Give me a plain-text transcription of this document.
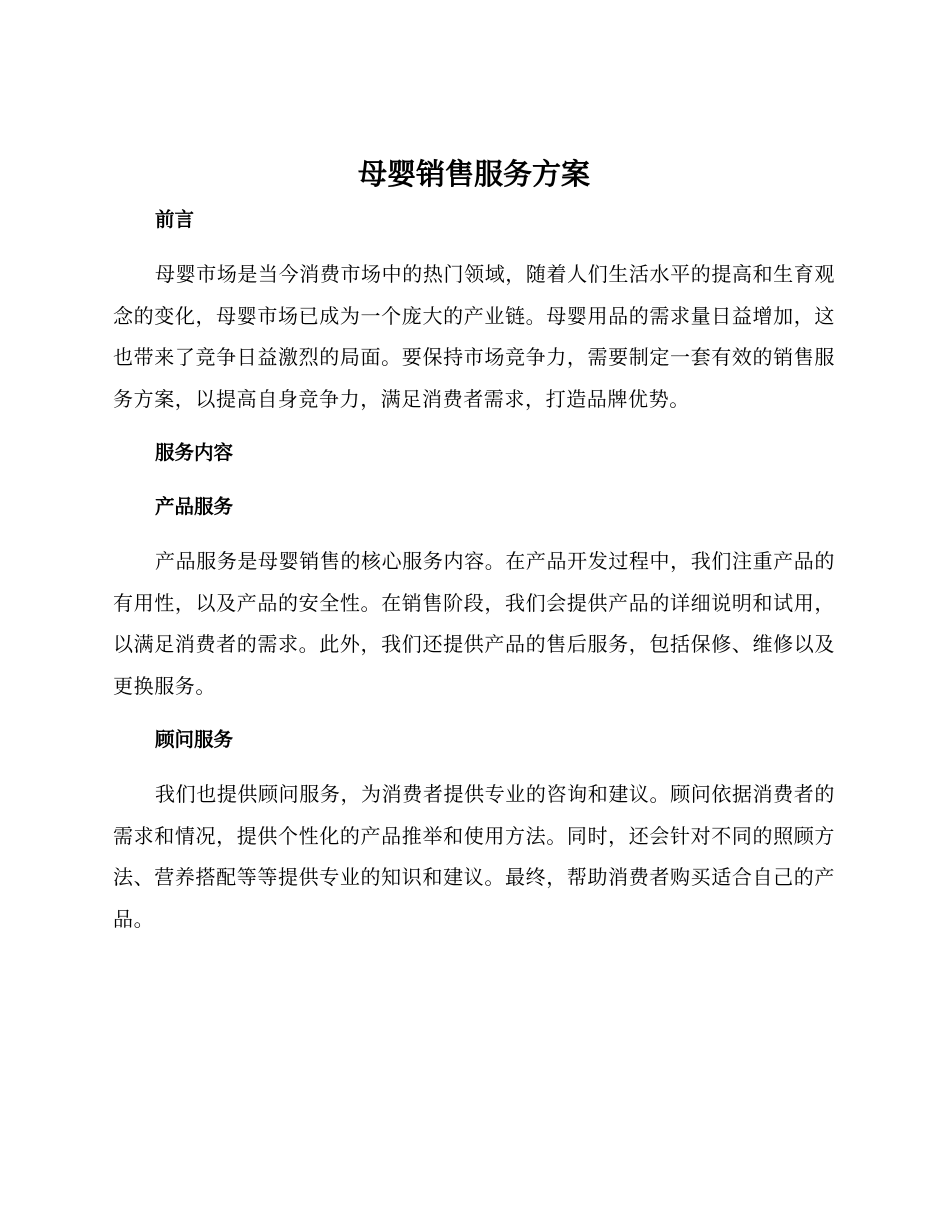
母婴销售服务方案
前言

母婴市场是当今消费市场中的热门领域，随着人们生活水平的提高和生育观念的变化，母婴市场已成为一个庞大的产业链。母婴用品的需求量日益增加，这也带来了竞争日益激烈的局面。要保持市场竞争力，需要制定一套有效的销售服务方案，以提高自身竞争力，满足消费者需求，打造品牌优势。

服务内容
产品服务

产品服务是母婴销售的核心服务内容。在产品开发过程中，我们注重产品的有用性，以及产品的安全性。在销售阶段，我们会提供产品的详细说明和试用，以满足消费者的需求。此外，我们还提供产品的售后服务，包括保修、维修以及更换服务。

顾问服务

我们也提供顾问服务，为消费者提供专业的咨询和建议。顾问依据消费者的需求和情况，提供个性化的产品推举和使用方法。同时，还会针对不同的照顾方法、营养搭配等等提供专业的知识和建议。最终，帮助消费者购买适合自己的产品。
